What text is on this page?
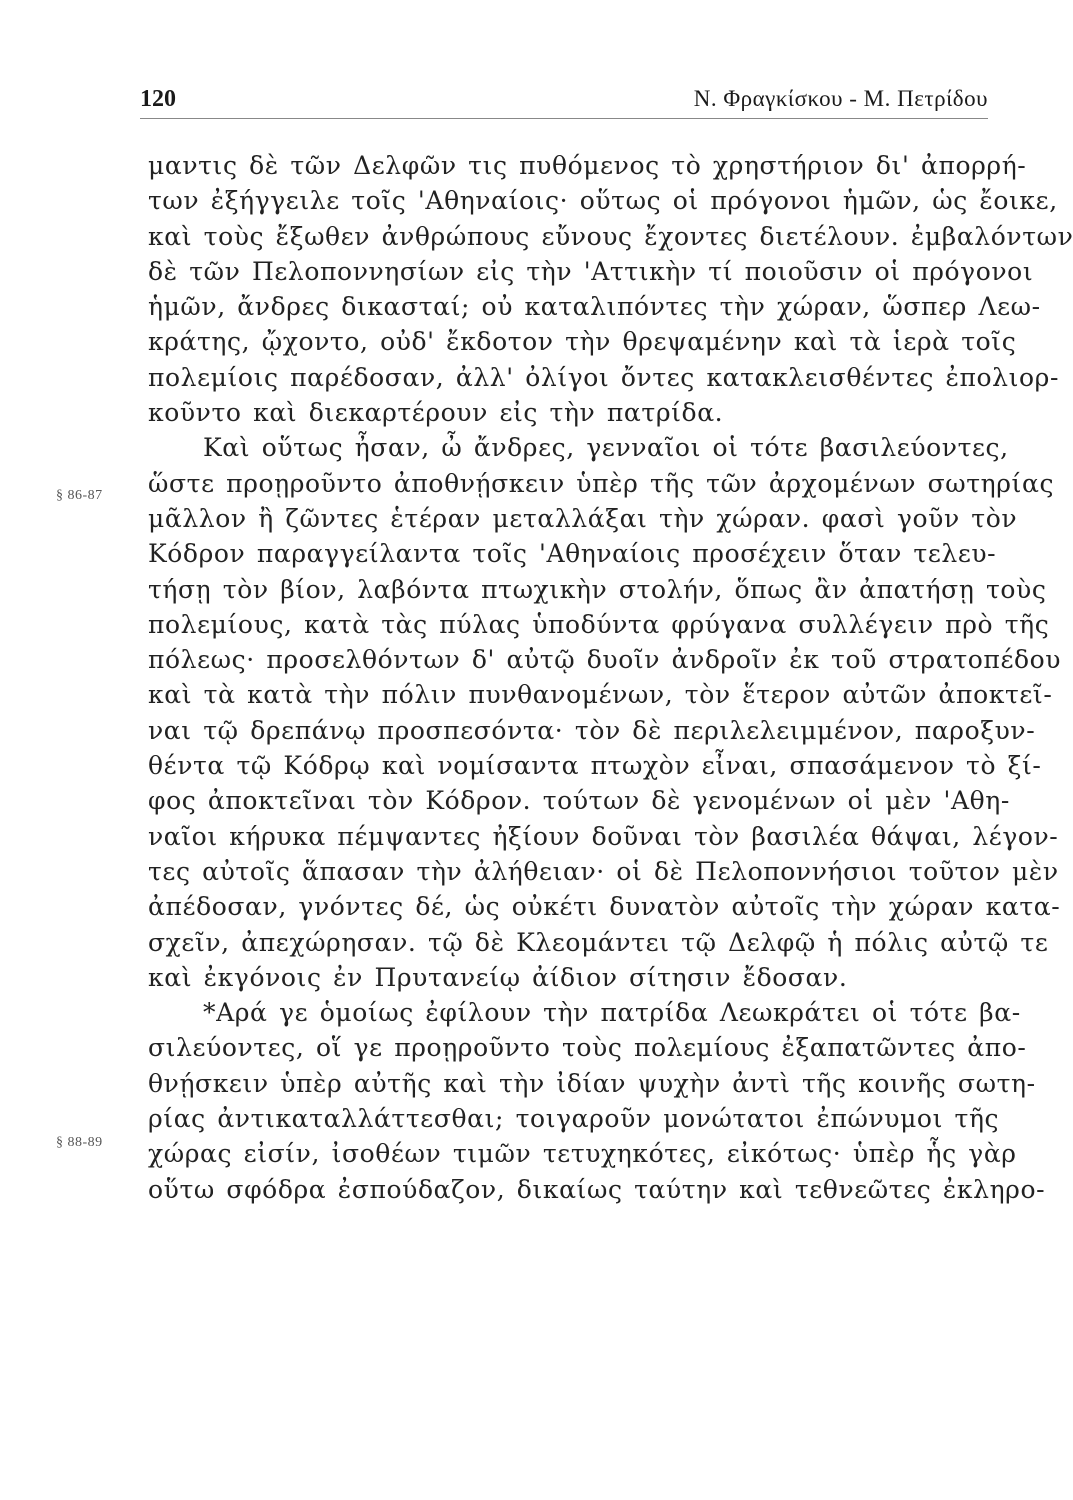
120	Ν. Φραγκίσκου - Μ. Πετρίδου
§ 86-87
§ 88-89
μαντις δὲ τῶν Δελφῶν τις πυθόμενος τὸ χρηστήριον δι' ἀπορρή-
των ἐξήγγειλε τοῖς 'Αθηναίοις· οὕτως οἱ πρόγονοι ἡμῶν, ὡς ἔοικε,
καὶ τοὺς ἔξωθεν ἀνθρώπους εὔνους ἔχοντες διετέλουν. ἐμβαλόντων
δὲ τῶν Πελοποννησίων εἰς τὴν 'Αττικὴν τί ποιοῦσιν οἱ πρόγονοι
ἡμῶν, ἄνδρες δικασταί; οὐ καταλιπόντες τὴν χώραν, ὥσπερ Λεω-
κράτης, ᾤχοντο, οὐδ' ἔκδοτον τὴν θρεψαμένην καὶ τὰ ἱερὰ τοῖς
πολεμίοις παρέδοσαν, ἀλλ' ὀλίγοι ὄντες κατακλεισθέντες ἐπολιορ-
κοῦντο καὶ διεκαρτέρουν εἰς τὴν πατρίδα.
Καὶ οὕτως ἦσαν, ὦ ἄνδρες, γενναῖοι οἱ τότε βασιλεύοντες,
ὥστε προῃροῦντο ἀποθνῄσκειν ὑπὲρ τῆς τῶν ἀρχομένων σωτηρίας
μᾶλλον ἢ ζῶντες ἑτέραν μεταλλάξαι τὴν χώραν. φασὶ γοῦν τὸν
Κόδρον παραγγείλαντα τοῖς 'Αθηναίοις προσέχειν ὅταν τελευ-
τήσῃ τὸν βίον, λαβόντα πτωχικὴν στολήν, ὅπως ἂν ἀπατήσῃ τοὺς
πολεμίους, κατὰ τὰς πύλας ὑποδύντα φρύγανα συλλέγειν πρὸ τῆς
πόλεως· προσελθόντων δ' αὐτῷ δυοῖν ἀνδροῖν ἐκ τοῦ στρατοπέδου
καὶ τὰ κατὰ τὴν πόλιν πυνθανομένων, τὸν ἕτερον αὐτῶν ἀποκτεῖ-
ναι τῷ δρεπάνῳ προσπεσόντα· τὸν δὲ περιλελειμμένον, παροξυν-
θέντα τῷ Κόδρῳ καὶ νομίσαντα πτωχὸν εἶναι, σπασάμενον τὸ ξί-
φος ἀποκτεῖναι τὸν Κόδρον. τούτων δὲ γενομένων οἱ μὲν 'Αθη-
ναῖοι κήρυκα πέμψαντες ἠξίουν δοῦναι τὸν βασιλέα θάψαι, λέγον-
τες αὐτοῖς ἅπασαν τὴν ἀλήθειαν· οἱ δὲ Πελοποννήσιοι τοῦτον μὲν
ἀπέδοσαν, γνόντες δέ, ὡς οὐκέτι δυνατὸν αὐτοῖς τὴν χώραν κατα-
σχεῖν, ἀπεχώρησαν. τῷ δὲ Κλεομάντει τῷ Δελφῷ ἡ πόλις αὐτῷ τε
καὶ ἐκγόνοις ἐν Πρυτανείῳ ἀίδιον σίτησιν ἔδοσαν.
*Αρά γε ὁμοίως ἐφίλουν τὴν πατρίδα Λεωκράτει οἱ τότε βα-
σιλεύοντες, οἵ γε προῃροῦντο τοὺς πολεμίους ἐξαπατῶντες ἀπο-
θνῄσκειν ὑπὲρ αὐτῆς καὶ τὴν ἰδίαν ψυχὴν ἀντὶ τῆς κοινῆς σωτη-
ρίας ἀντικαταλλάττεσθαι; τοιγαροῦν μονώτατοι ἐπώνυμοι τῆς
χώρας εἰσίν, ἰσοθέων τιμῶν τετυχηκότες, εἰκότως· ὑπὲρ ἧς γὰρ
οὕτω σφόδρα ἐσπούδαζον, δικαίως ταύτην καὶ τεθνεῶτες ἐκληρο-
